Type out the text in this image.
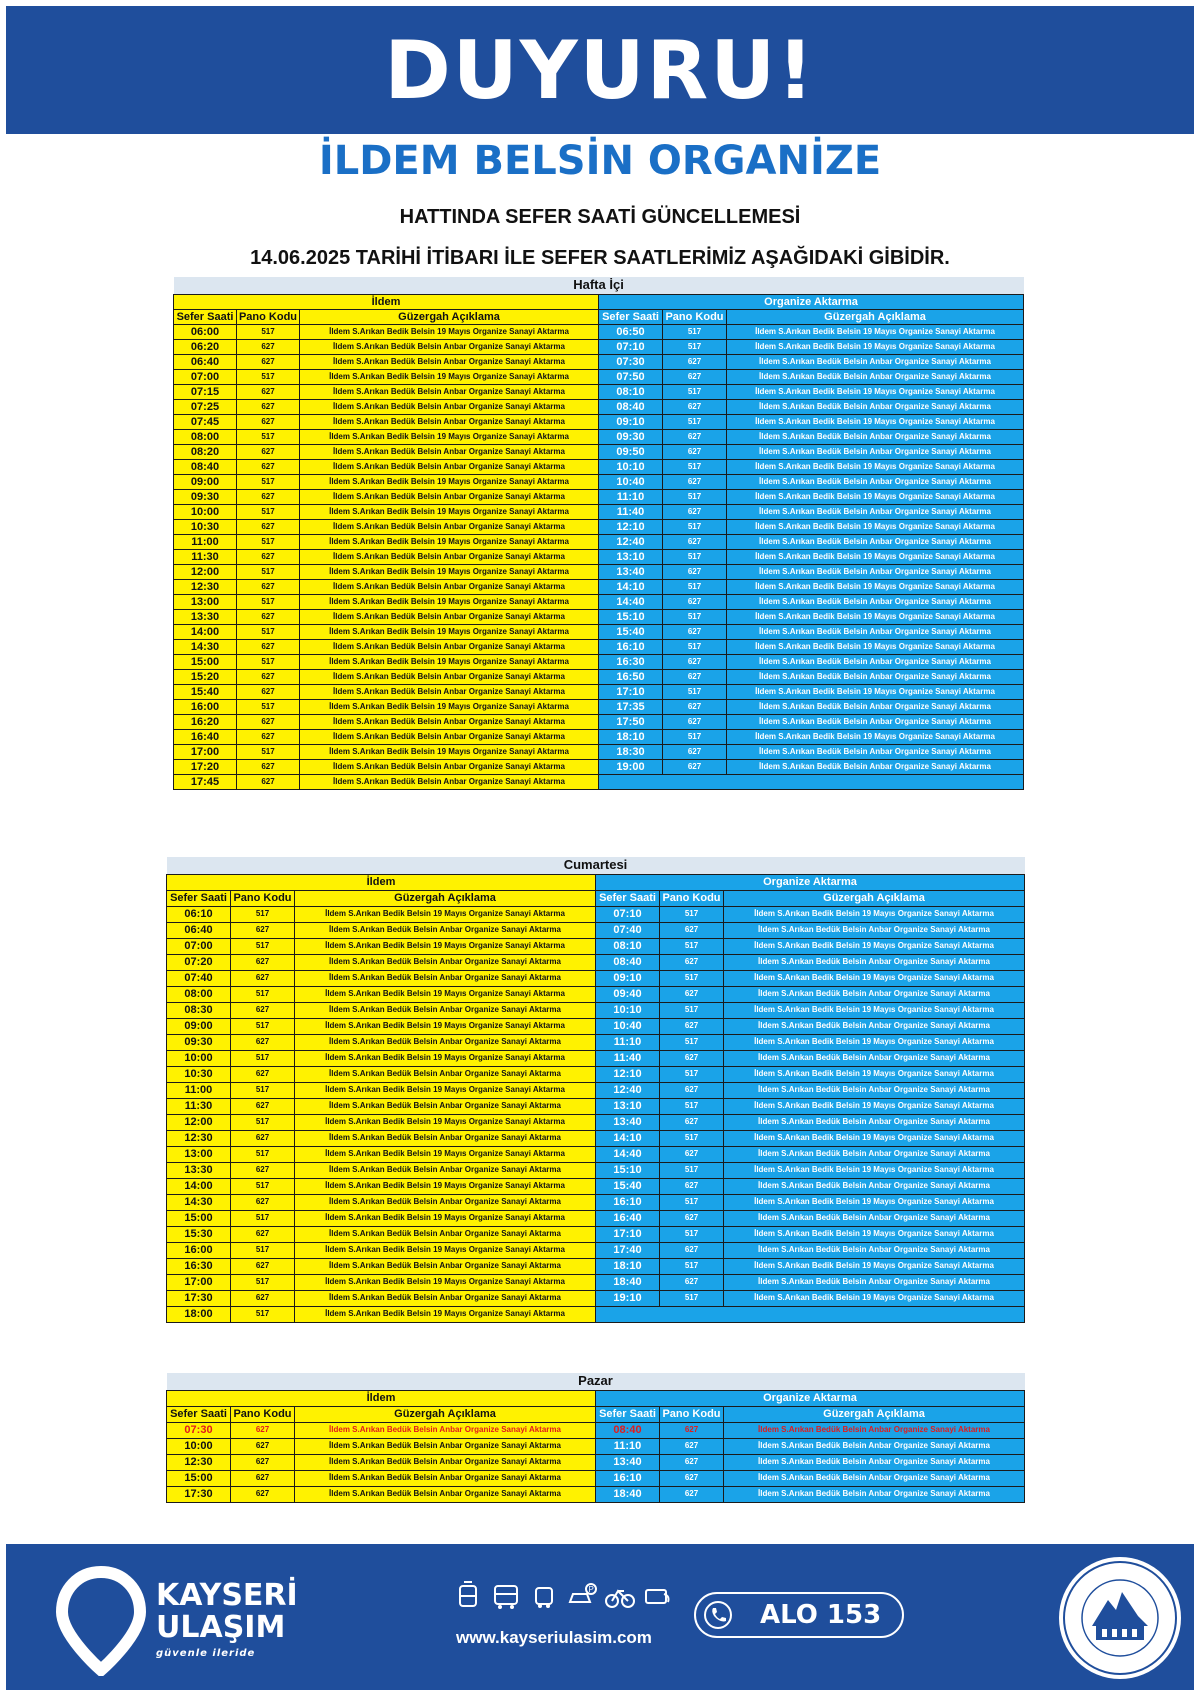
DUYURU!
İLDEM BELSİN ORGANİZE
HATTINDA SEFER SAATİ GÜNCELLEMESİ
14.06.2025 TARİHİ İTİBARI İLE SEFER SAATLERİMİZ AŞAĞIDAKİ GİBİDİR.
Hafta İçi					
İldem			Organize Aktarma		
Sefer Saati	Pano Kodu	Güzergah Açıklama	Sefer Saati	Pano Kodu	Güzergah Açıklama
06:00	517	İldem S.Arıkan Bedik Belsin 19 Mayıs Organize Sanayi Aktarma	06:50	517	İldem S.Arıkan Bedik Belsin 19 Mayıs Organize Sanayi Aktarma
06:20	627	İldem S.Arıkan Bedük Belsin Anbar Organize Sanayi Aktarma	07:10	517	İldem S.Arıkan Bedik Belsin 19 Mayıs Organize Sanayi Aktarma
06:40	627	İldem S.Arıkan Bedük Belsin Anbar Organize Sanayi Aktarma	07:30	627	İldem S.Arıkan Bedük Belsin Anbar Organize Sanayi Aktarma
07:00	517	İldem S.Arıkan Bedik Belsin 19 Mayıs Organize Sanayi Aktarma	07:50	627	İldem S.Arıkan Bedük Belsin Anbar Organize Sanayi Aktarma
07:15	627	İldem S.Arıkan Bedük Belsin Anbar Organize Sanayi Aktarma	08:10	517	İldem S.Arıkan Bedik Belsin 19 Mayıs Organize Sanayi Aktarma
07:25	627	İldem S.Arıkan Bedük Belsin Anbar Organize Sanayi Aktarma	08:40	627	İldem S.Arıkan Bedük Belsin Anbar Organize Sanayi Aktarma
07:45	627	İldem S.Arıkan Bedük Belsin Anbar Organize Sanayi Aktarma	09:10	517	İldem S.Arıkan Bedik Belsin 19 Mayıs Organize Sanayi Aktarma
08:00	517	İldem S.Arıkan Bedik Belsin 19 Mayıs Organize Sanayi Aktarma	09:30	627	İldem S.Arıkan Bedük Belsin Anbar Organize Sanayi Aktarma
08:20	627	İldem S.Arıkan Bedük Belsin Anbar Organize Sanayi Aktarma	09:50	627	İldem S.Arıkan Bedük Belsin Anbar Organize Sanayi Aktarma
08:40	627	İldem S.Arıkan Bedük Belsin Anbar Organize Sanayi Aktarma	10:10	517	İldem S.Arıkan Bedik Belsin 19 Mayıs Organize Sanayi Aktarma
09:00	517	İldem S.Arıkan Bedik Belsin 19 Mayıs Organize Sanayi Aktarma	10:40	627	İldem S.Arıkan Bedük Belsin Anbar Organize Sanayi Aktarma
09:30	627	İldem S.Arıkan Bedük Belsin Anbar Organize Sanayi Aktarma	11:10	517	İldem S.Arıkan Bedik Belsin 19 Mayıs Organize Sanayi Aktarma
10:00	517	İldem S.Arıkan Bedik Belsin 19 Mayıs Organize Sanayi Aktarma	11:40	627	İldem S.Arıkan Bedük Belsin Anbar Organize Sanayi Aktarma
10:30	627	İldem S.Arıkan Bedük Belsin Anbar Organize Sanayi Aktarma	12:10	517	İldem S.Arıkan Bedik Belsin 19 Mayıs Organize Sanayi Aktarma
11:00	517	İldem S.Arıkan Bedik Belsin 19 Mayıs Organize Sanayi Aktarma	12:40	627	İldem S.Arıkan Bedük Belsin Anbar Organize Sanayi Aktarma
11:30	627	İldem S.Arıkan Bedük Belsin Anbar Organize Sanayi Aktarma	13:10	517	İldem S.Arıkan Bedik Belsin 19 Mayıs Organize Sanayi Aktarma
12:00	517	İldem S.Arıkan Bedik Belsin 19 Mayıs Organize Sanayi Aktarma	13:40	627	İldem S.Arıkan Bedük Belsin Anbar Organize Sanayi Aktarma
12:30	627	İldem S.Arıkan Bedük Belsin Anbar Organize Sanayi Aktarma	14:10	517	İldem S.Arıkan Bedik Belsin 19 Mayıs Organize Sanayi Aktarma
13:00	517	İldem S.Arıkan Bedik Belsin 19 Mayıs Organize Sanayi Aktarma	14:40	627	İldem S.Arıkan Bedük Belsin Anbar Organize Sanayi Aktarma
13:30	627	İldem S.Arıkan Bedük Belsin Anbar Organize Sanayi Aktarma	15:10	517	İldem S.Arıkan Bedik Belsin 19 Mayıs Organize Sanayi Aktarma
14:00	517	İldem S.Arıkan Bedik Belsin 19 Mayıs Organize Sanayi Aktarma	15:40	627	İldem S.Arıkan Bedük Belsin Anbar Organize Sanayi Aktarma
14:30	627	İldem S.Arıkan Bedük Belsin Anbar Organize Sanayi Aktarma	16:10	517	İldem S.Arıkan Bedik Belsin 19 Mayıs Organize Sanayi Aktarma
15:00	517	İldem S.Arıkan Bedik Belsin 19 Mayıs Organize Sanayi Aktarma	16:30	627	İldem S.Arıkan Bedük Belsin Anbar Organize Sanayi Aktarma
15:20	627	İldem S.Arıkan Bedük Belsin Anbar Organize Sanayi Aktarma	16:50	627	İldem S.Arıkan Bedük Belsin Anbar Organize Sanayi Aktarma
15:40	627	İldem S.Arıkan Bedük Belsin Anbar Organize Sanayi Aktarma	17:10	517	İldem S.Arıkan Bedik Belsin 19 Mayıs Organize Sanayi Aktarma
16:00	517	İldem S.Arıkan Bedik Belsin 19 Mayıs Organize Sanayi Aktarma	17:35	627	İldem S.Arıkan Bedük Belsin Anbar Organize Sanayi Aktarma
16:20	627	İldem S.Arıkan Bedük Belsin Anbar Organize Sanayi Aktarma	17:50	627	İldem S.Arıkan Bedük Belsin Anbar Organize Sanayi Aktarma
16:40	627	İldem S.Arıkan Bedük Belsin Anbar Organize Sanayi Aktarma	18:10	517	İldem S.Arıkan Bedik Belsin 19 Mayıs Organize Sanayi Aktarma
17:00	517	İldem S.Arıkan Bedik Belsin 19 Mayıs Organize Sanayi Aktarma	18:30	627	İldem S.Arıkan Bedük Belsin Anbar Organize Sanayi Aktarma
17:20	627	İldem S.Arıkan Bedük Belsin Anbar Organize Sanayi Aktarma	19:00	627	İldem S.Arıkan Bedük Belsin Anbar Organize Sanayi Aktarma
17:45	627	İldem S.Arıkan Bedük Belsin Anbar Organize Sanayi Aktarma			
Cumartesi					
İldem			Organize Aktarma		
Sefer Saati	Pano Kodu	Güzergah Açıklama	Sefer Saati	Pano Kodu	Güzergah Açıklama
06:10	517	İldem S.Arıkan Bedik Belsin 19 Mayıs Organize Sanayi Aktarma	07:10	517	İldem S.Arıkan Bedik Belsin 19 Mayıs Organize Sanayi Aktarma
06:40	627	İldem S.Arıkan Bedük Belsin Anbar Organize Sanayi Aktarma	07:40	627	İldem S.Arıkan Bedük Belsin Anbar Organize Sanayi Aktarma
07:00	517	İldem S.Arıkan Bedik Belsin 19 Mayıs Organize Sanayi Aktarma	08:10	517	İldem S.Arıkan Bedik Belsin 19 Mayıs Organize Sanayi Aktarma
07:20	627	İldem S.Arıkan Bedük Belsin Anbar Organize Sanayi Aktarma	08:40	627	İldem S.Arıkan Bedük Belsin Anbar Organize Sanayi Aktarma
07:40	627	İldem S.Arıkan Bedük Belsin Anbar Organize Sanayi Aktarma	09:10	517	İldem S.Arıkan Bedik Belsin 19 Mayıs Organize Sanayi Aktarma
08:00	517	İldem S.Arıkan Bedik Belsin 19 Mayıs Organize Sanayi Aktarma	09:40	627	İldem S.Arıkan Bedük Belsin Anbar Organize Sanayi Aktarma
08:30	627	İldem S.Arıkan Bedük Belsin Anbar Organize Sanayi Aktarma	10:10	517	İldem S.Arıkan Bedik Belsin 19 Mayıs Organize Sanayi Aktarma
09:00	517	İldem S.Arıkan Bedik Belsin 19 Mayıs Organize Sanayi Aktarma	10:40	627	İldem S.Arıkan Bedük Belsin Anbar Organize Sanayi Aktarma
09:30	627	İldem S.Arıkan Bedük Belsin Anbar Organize Sanayi Aktarma	11:10	517	İldem S.Arıkan Bedik Belsin 19 Mayıs Organize Sanayi Aktarma
10:00	517	İldem S.Arıkan Bedik Belsin 19 Mayıs Organize Sanayi Aktarma	11:40	627	İldem S.Arıkan Bedük Belsin Anbar Organize Sanayi Aktarma
10:30	627	İldem S.Arıkan Bedük Belsin Anbar Organize Sanayi Aktarma	12:10	517	İldem S.Arıkan Bedik Belsin 19 Mayıs Organize Sanayi Aktarma
11:00	517	İldem S.Arıkan Bedik Belsin 19 Mayıs Organize Sanayi Aktarma	12:40	627	İldem S.Arıkan Bedük Belsin Anbar Organize Sanayi Aktarma
11:30	627	İldem S.Arıkan Bedük Belsin Anbar Organize Sanayi Aktarma	13:10	517	İldem S.Arıkan Bedik Belsin 19 Mayıs Organize Sanayi Aktarma
12:00	517	İldem S.Arıkan Bedik Belsin 19 Mayıs Organize Sanayi Aktarma	13:40	627	İldem S.Arıkan Bedük Belsin Anbar Organize Sanayi Aktarma
12:30	627	İldem S.Arıkan Bedük Belsin Anbar Organize Sanayi Aktarma	14:10	517	İldem S.Arıkan Bedik Belsin 19 Mayıs Organize Sanayi Aktarma
13:00	517	İldem S.Arıkan Bedik Belsin 19 Mayıs Organize Sanayi Aktarma	14:40	627	İldem S.Arıkan Bedük Belsin Anbar Organize Sanayi Aktarma
13:30	627	İldem S.Arıkan Bedük Belsin Anbar Organize Sanayi Aktarma	15:10	517	İldem S.Arıkan Bedik Belsin 19 Mayıs Organize Sanayi Aktarma
14:00	517	İldem S.Arıkan Bedik Belsin 19 Mayıs Organize Sanayi Aktarma	15:40	627	İldem S.Arıkan Bedük Belsin Anbar Organize Sanayi Aktarma
14:30	627	İldem S.Arıkan Bedük Belsin Anbar Organize Sanayi Aktarma	16:10	517	İldem S.Arıkan Bedik Belsin 19 Mayıs Organize Sanayi Aktarma
15:00	517	İldem S.Arıkan Bedik Belsin 19 Mayıs Organize Sanayi Aktarma	16:40	627	İldem S.Arıkan Bedük Belsin Anbar Organize Sanayi Aktarma
15:30	627	İldem S.Arıkan Bedük Belsin Anbar Organize Sanayi Aktarma	17:10	517	İldem S.Arıkan Bedik Belsin 19 Mayıs Organize Sanayi Aktarma
16:00	517	İldem S.Arıkan Bedik Belsin 19 Mayıs Organize Sanayi Aktarma	17:40	627	İldem S.Arıkan Bedük Belsin Anbar Organize Sanayi Aktarma
16:30	627	İldem S.Arıkan Bedük Belsin Anbar Organize Sanayi Aktarma	18:10	517	İldem S.Arıkan Bedik Belsin 19 Mayıs Organize Sanayi Aktarma
17:00	517	İldem S.Arıkan Bedik Belsin 19 Mayıs Organize Sanayi Aktarma	18:40	627	İldem S.Arıkan Bedük Belsin Anbar Organize Sanayi Aktarma
17:30	627	İldem S.Arıkan Bedük Belsin Anbar Organize Sanayi Aktarma	19:10	517	İldem S.Arıkan Bedik Belsin 19 Mayıs Organize Sanayi Aktarma
18:00	517	İldem S.Arıkan Bedik Belsin 19 Mayıs Organize Sanayi Aktarma			
Pazar					
İldem			Organize Aktarma		
Sefer Saati	Pano Kodu	Güzergah Açıklama	Sefer Saati	Pano Kodu	Güzergah Açıklama
07:30	627	İldem S.Arıkan Bedük Belsin Anbar Organize Sanayi Aktarma	08:40	627	İldem S.Arıkan Bedük Belsin Anbar Organize Sanayi Aktarma
10:00	627	İldem S.Arıkan Bedük Belsin Anbar Organize Sanayi Aktarma	11:10	627	İldem S.Arıkan Bedük Belsin Anbar Organize Sanayi Aktarma
12:30	627	İldem S.Arıkan Bedük Belsin Anbar Organize Sanayi Aktarma	13:40	627	İldem S.Arıkan Bedük Belsin Anbar Organize Sanayi Aktarma
15:00	627	İldem S.Arıkan Bedük Belsin Anbar Organize Sanayi Aktarma	16:10	627	İldem S.Arıkan Bedük Belsin Anbar Organize Sanayi Aktarma
17:30	627	İldem S.Arıkan Bedük Belsin Anbar Organize Sanayi Aktarma	18:40	627	İldem S.Arıkan Bedük Belsin Anbar Organize Sanayi Aktarma
KAYSERİ
ULAŞIM
güvenle ileride
P
www.kayseriulasim.com
ALO 153
